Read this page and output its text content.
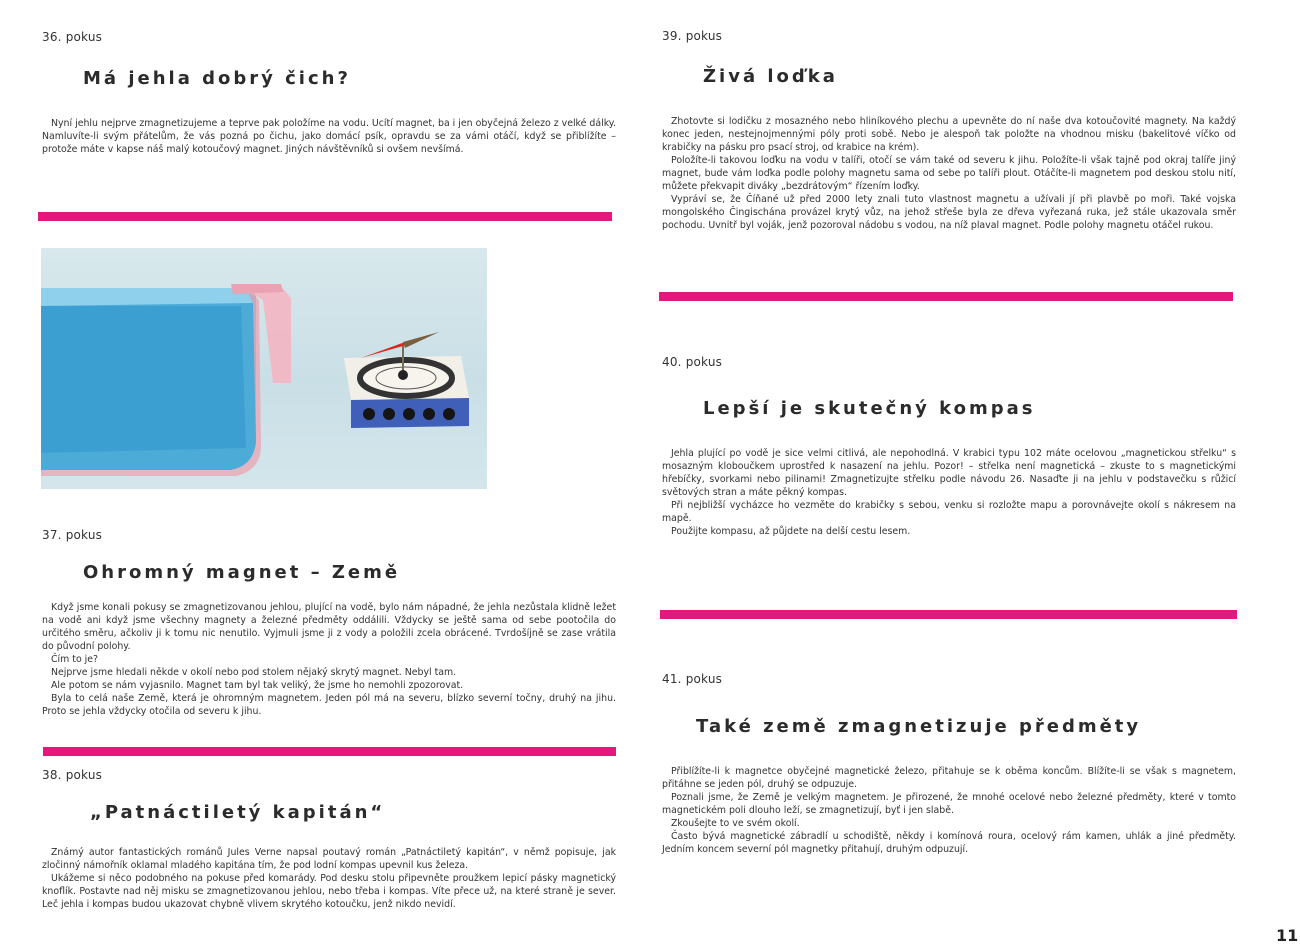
36. pokus
Má jehla dobrý čich?

Nyní jehlu nejprve zmagnetizujeme a teprve pak položíme na vodu. Ucítí magnet, ba i jen obyčejná železo z velké dálky. Namluvíte-li svým přátelům, že vás pozná po čichu, jako domácí psík, opravdu se za vámi otáčí, když se přiblížíte – protože máte v kapse náš malý kotoučový magnet. Jiných návštěvníků si ovšem nevšímá.

37. pokus
Ohromný magnet – Země

Když jsme konali pokusy se zmagnetizovanou jehlou, plující na vodě, bylo nám nápadné, že jehla nezůstala klidně ležet na vodě ani když jsme všechny magnety a železné předměty oddálili. Vždycky se ještě sama od sebe pootočila do určitého směru, ačkoliv ji k tomu nic nenutilo. Vyjmuli jsme ji z vody a položili zcela obrácené. Tvrdošíjně se zase vrátila do původní polohy.

Čím to je?

Nejprve jsme hledali někde v okolí nebo pod stolem nějaký skrytý magnet. Nebyl tam.

Ale potom se nám vyjasnilo. Magnet tam byl tak veliký, že jsme ho nemohli zpozorovat.

Byla to celá naše Země, která je ohromným magnetem. Jeden pól má na severu, blízko severní točny, druhý na jihu. Proto se jehla vždycky otočila od severu k jihu.

38. pokus
„Patnáctiletý kapitán“

Známý autor fantastických románů Jules Verne napsal poutavý román „Patnáctiletý kapitán“, v němž popisuje, jak zločinný námořník oklamal mladého kapitána tím, že pod lodní kompas upevnil kus železa.

Ukážeme si něco podobného na pokuse před komarády. Pod desku stolu připevněte proužkem lepicí pásky magnetický knoflík. Postavte nad něj misku se zmagnetizovanou jehlou, nebo třeba i kompas. Víte přece už, na které straně je sever. Leč jehla i kompas budou ukazovat chybně vlivem skrytého kotoučku, jenž nikdo nevidí.

39. pokus
Živá loďka

Zhotovte si lodičku z mosazného nebo hliníkového plechu a upevněte do ní naše dva kotoučovité magnety. Na každý konec jeden, nestejnojmennými póly proti sobě. Nebo je alespoň tak položte na vhodnou misku (bakelitové víčko od krabičky na pásku pro psací stroj, od krabice na krém).

Položíte-li takovou loďku na vodu v talíři, otočí se vám také od severu k jihu. Položíte-li však tajně pod okraj talíře jiný magnet, bude vám loďka podle polohy magnetu sama od sebe po talíři plout. Otáčíte-li magnetem pod deskou stolu nití, můžete překvapit diváky „bezdrátovým“ řízením loďky.

Vypráví se, že Číňané už před 2000 lety znali tuto vlastnost magnetu a užívali jí při plavbě po moři. Také vojska mongolského Čingischána provázel krytý vůz, na jehož střeše byla ze dřeva vyřezaná ruka, jež stále ukazovala směr pochodu. Uvnitř byl voják, jenž pozoroval nádobu s vodou, na níž plaval magnet. Podle polohy magnetu otáčel rukou.

40. pokus
Lepší je skutečný kompas

Jehla plující po vodě je sice velmi citlivá, ale nepohodlná. V krabici typu 102 máte ocelovou „magnetickou střelku“ s mosazným kloboučkem uprostřed k nasazení na jehlu. Pozor! – střelka není magnetická – zkuste to s magnetickými hřebíčky, svorkami nebo pilinami! Zmagnetizujte střelku podle návodu 26. Nasaďte ji na jehlu v podstavečku s růžicí světových stran a máte pěkný kompas.

Při nejbližší vycházce ho vezměte do krabičky s sebou, venku si rozložte mapu a porovnávejte okolí s nákresem na mapě.

Použijte kompasu, až půjdete na delší cestu lesem.

41. pokus
Také země zmagnetizuje předměty

Přiblížíte-li k magnetce obyčejné magnetické železo, přitahuje se k oběma koncům. Blížíte-li se však s magnetem, přitáhne se jeden pól, druhý se odpuzuje.

Poznali jsme, že Země je velkým magnetem. Je přirozené, že mnohé ocelové nebo železné předměty, které v tomto magnetickém poli dlouho leží, se zmagnetizují, byť i jen slabě.

Zkoušejte to ve svém okolí.

Často bývá magnetické zábradlí u schodiště, někdy i komínová roura, ocelový rám kamen, uhlák a jiné předměty. Jedním koncem severní pól magnetky přitahují, druhým odpuzují.

11
